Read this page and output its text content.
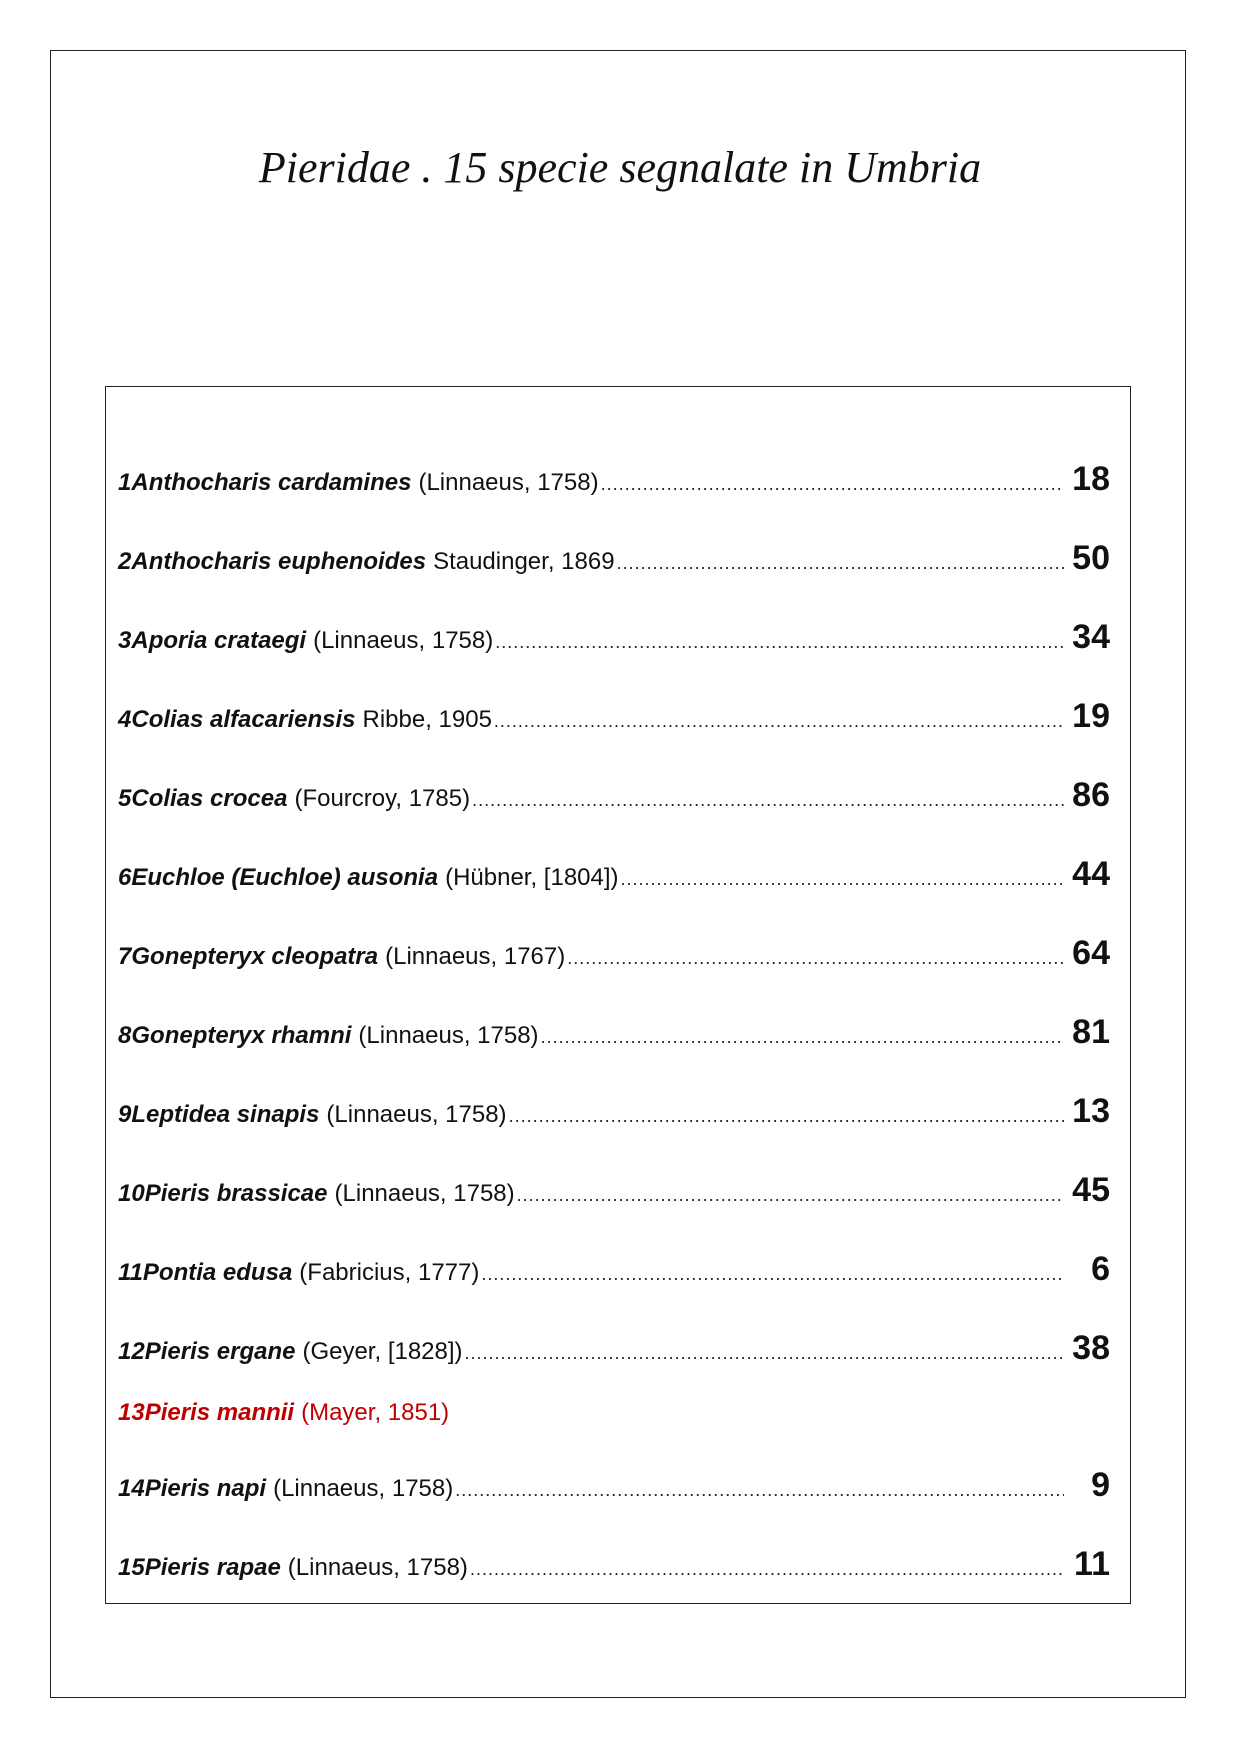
Pieridae . 15 specie segnalate in Umbria
1 Anthocharis cardamines (Linnaeus, 1758) .....	18
2 Anthocharis euphenoides Staudinger, 1869 .....	50
3 Aporia crataegi (Linnaeus, 1758) .....	34
4 Colias alfacariensis Ribbe, 1905 .....	19
5 Colias crocea (Fourcroy, 1785) .....	86
6 Euchloe (Euchloe) ausonia (Hübner, [1804]) .....	44
7 Gonepteryx cleopatra (Linnaeus, 1767) .....	64
8 Gonepteryx rhamni (Linnaeus, 1758) .....	81
9 Leptidea sinapis (Linnaeus, 1758) .....	13
10 Pieris brassicae (Linnaeus, 1758) .....	45
11 Pontia edusa (Fabricius, 1777) .....	6
12 Pieris ergane (Geyer, [1828]) .....	38
13 Pieris mannii (Mayer, 1851)
14 Pieris napi (Linnaeus, 1758) .....	9
15 Pieris rapae (Linnaeus, 1758) .....	11
